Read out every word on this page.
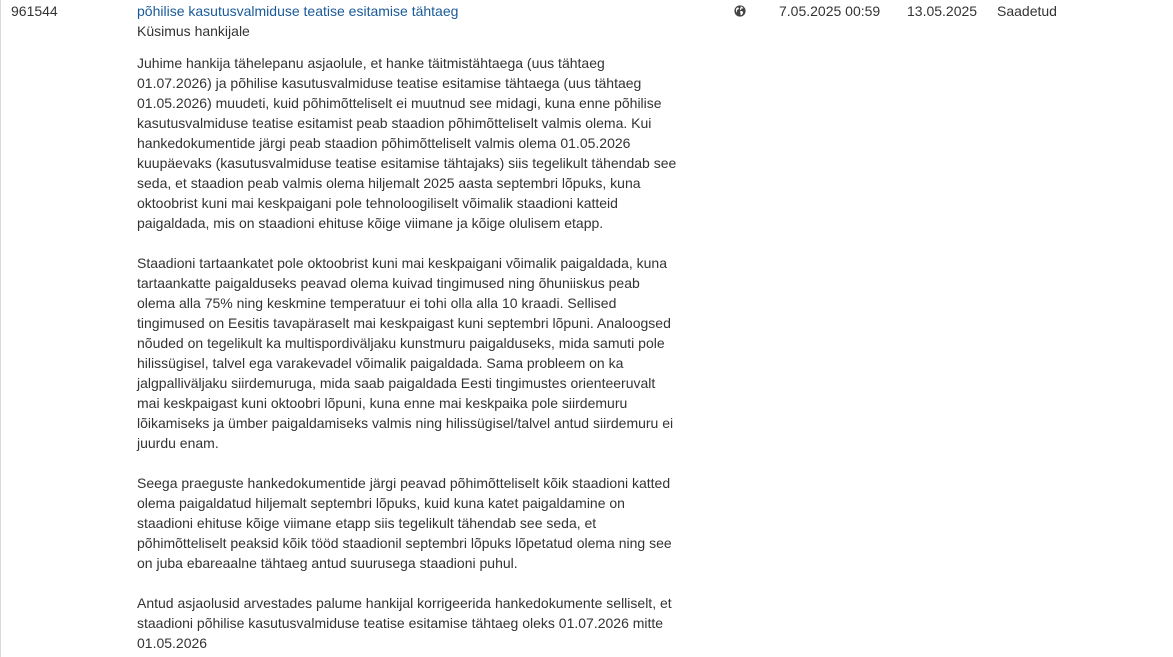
961544	põhilise kasutusvalmiduse teatise esitamise tähtaeg
Küsimus hankijale

Juhime hankija tähelepanu asjaolule, et hanke täitmistähtaega (uus tähtaeg 01.07.2026) ja põhilise kasutusvalmiduse teatise esitamise tähtaega (uus tähtaeg 01.05.2026) muudeti, kuid põhimõtteliselt ei muutnud see midagi, kuna enne põhilise kasutusvalmiduse teatise esitamist peab staadion põhimõtteliselt valmis olema. Kui hankedokumentide järgi peab staadion põhimõtteliselt valmis olema 01.05.2026 kuupäevaks (kasutusvalmiduse teatise esitamise tähtajaks) siis tegelikult tähendab see seda, et staadion peab valmis olema hiljemalt 2025 aasta septembri lõpuks, kuna oktoobrist kuni mai keskpaigani pole tehnoloogiliselt võimalik staadioni katteid paigaldada, mis on staadioni ehituse kõige viimane ja kõige olulisem etapp.

Staadioni tartaankatet pole oktoobrist kuni mai keskpaigani võimalik paigaldada, kuna tartaankatte paigalduseks peavad olema kuivad tingimused ning õhuniiskus peab olema alla 75% ning keskmine temperatuur ei tohi olla alla 10 kraadi. Sellised tingimused on Eesitis tavapäraselt mai keskpaigast kuni septembri lõpuni. Analoogsed nõuded on tegelikult ka multispordiväljaku kunstmuru paigalduseks, mida samuti pole hilissügisel, talvel ega varakevadel võimalik paigaldada. Sama probleem on ka jalgpalliväljaku siirdemuruga, mida saab paigaldada Eesti tingimustes orienteeruvalt mai keskpaigast kuni oktoobri lõpuni, kuna enne mai keskpaika pole siirdemuru lõikamiseks ja ümber paigaldamiseks valmis ning hilissügisel/talvel antud siirdemuru ei juurdu enam.

Seega praeguste hankedokumentide järgi peavad põhimõtteliselt kõik staadioni katted olema paigaldatud hiljemalt septembri lõpuks, kuid kuna katet paigaldamine on staadioni ehituse kõige viimane etapp siis tegelikult tähendab see seda, et põhimõtteliselt peaksid kõik tööd staadionil septembri lõpuks lõpetatud olema ning see on juba ebareaalne tähtaeg antud suurusega staadioni puhul.

Antud asjaolusid arvestades palume hankijal korrigeerida hankedokumente selliselt, et staadioni põhilise kasutusvalmiduse teatise esitamise tähtaeg oleks 01.07.2026 mitte 01.05.2026

7.05.2025 00:59 13.05.2025 Saadetud
